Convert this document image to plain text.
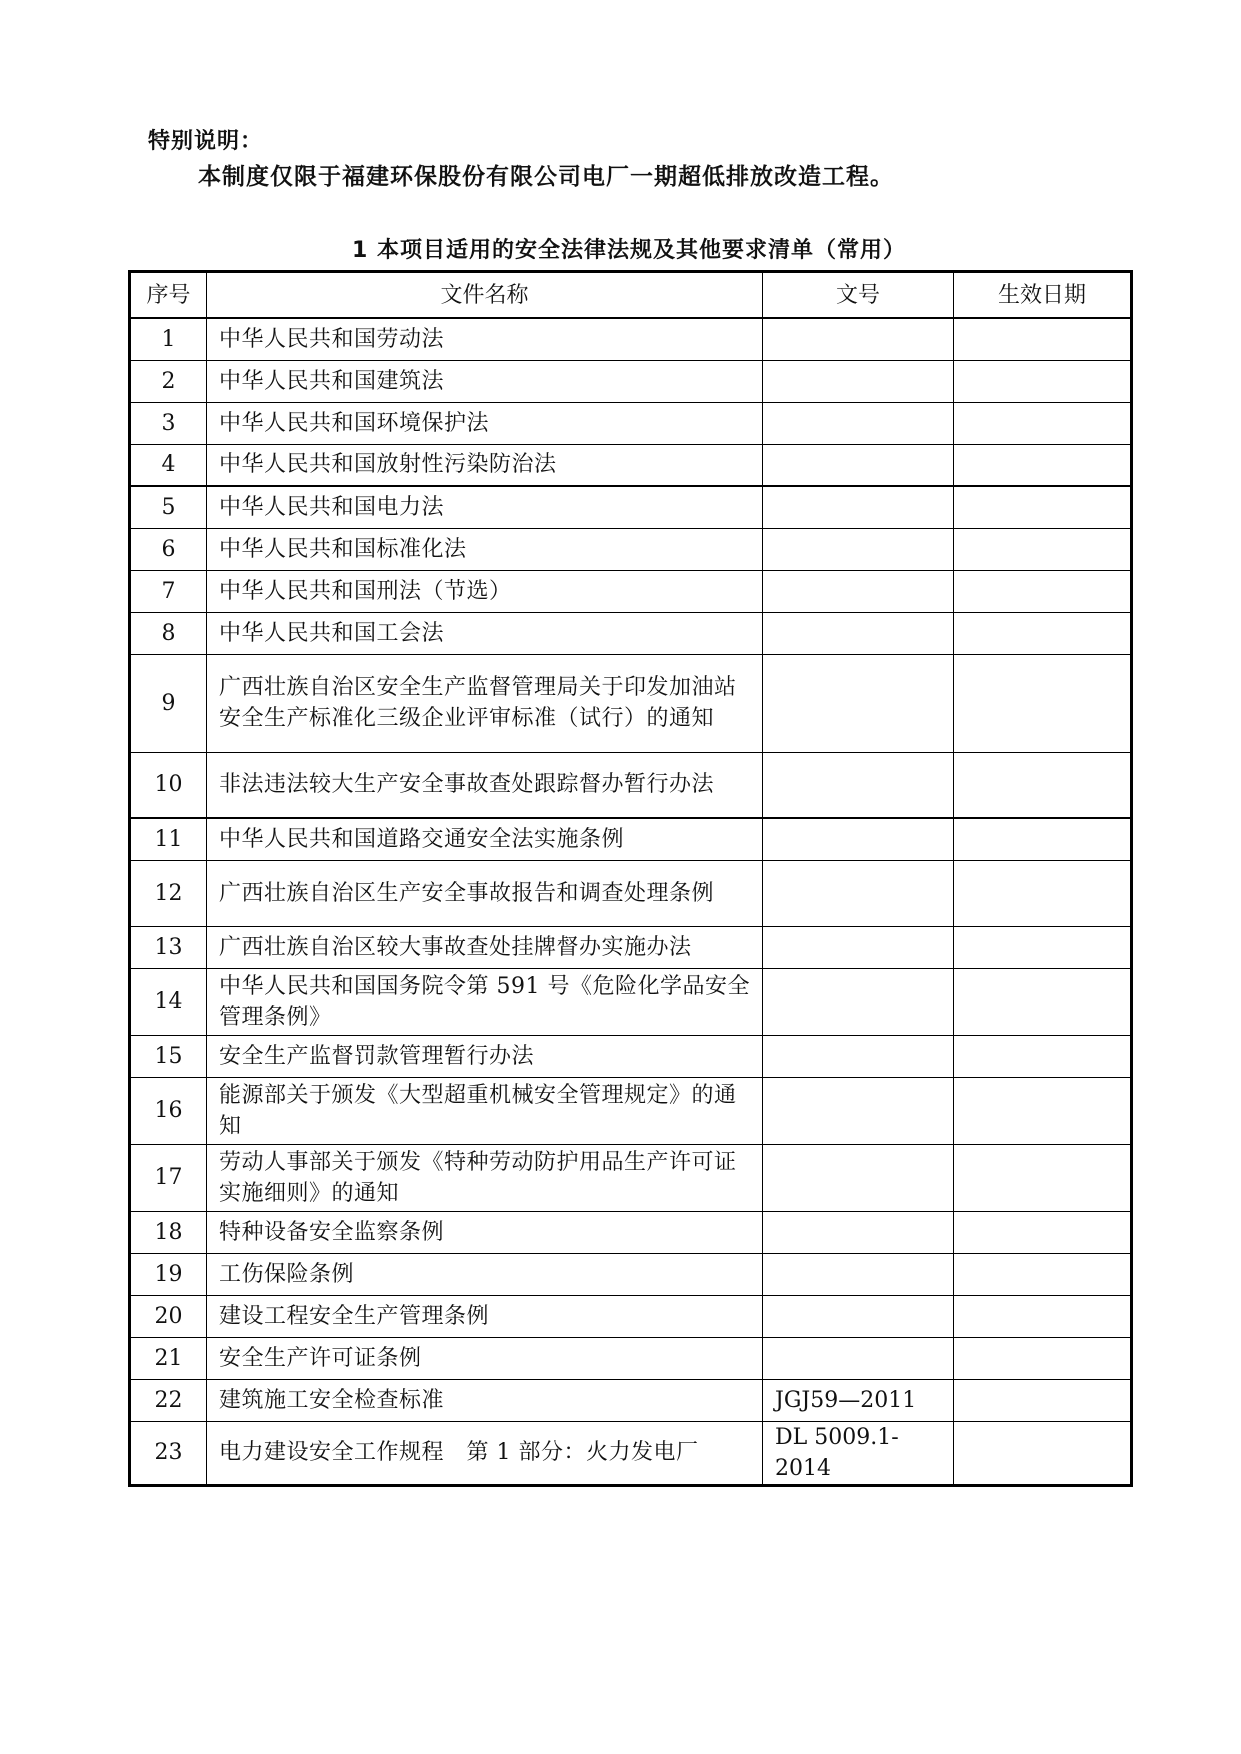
特别说明：
本制度仅限于福建环保股份有限公司电厂一期超低排放改造工程。
1 本项目适用的安全法律法规及其他要求清单（常用）
序号	文件名称	文号	生效日期
1	中华人民共和国劳动法		
2	中华人民共和国建筑法		
3	中华人民共和国环境保护法		
4	中华人民共和国放射性污染防治法		
5	中华人民共和国电力法		
6	中华人民共和国标准化法		
7	中华人民共和国刑法（节选）		
8	中华人民共和国工会法		
9	广西壮族自治区安全生产监督管理局关于印发加油站安全生产标准化三级企业评审标准（试行）的通知		
10	非法违法较大生产安全事故查处跟踪督办暂行办法		
11	中华人民共和国道路交通安全法实施条例		
12	广西壮族自治区生产安全事故报告和调查处理条例		
13	广西壮族自治区较大事故查处挂牌督办实施办法		
14	中华人民共和国国务院令第 591 号《危险化学品安全管理条例》		
15	安全生产监督罚款管理暂行办法		
16	能源部关于颁发《大型超重机械安全管理规定》的通知		
17	劳动人事部关于颁发《特种劳动防护用品生产许可证实施细则》的通知		
18	特种设备安全监察条例		
19	工伤保险条例		
20	建设工程安全生产管理条例		
21	安全生产许可证条例		
22	建筑施工安全检查标准	JGJ59—2011	
23	电力建设安全工作规程　第 1 部分：火力发电厂	DL 5009.1-2014	
